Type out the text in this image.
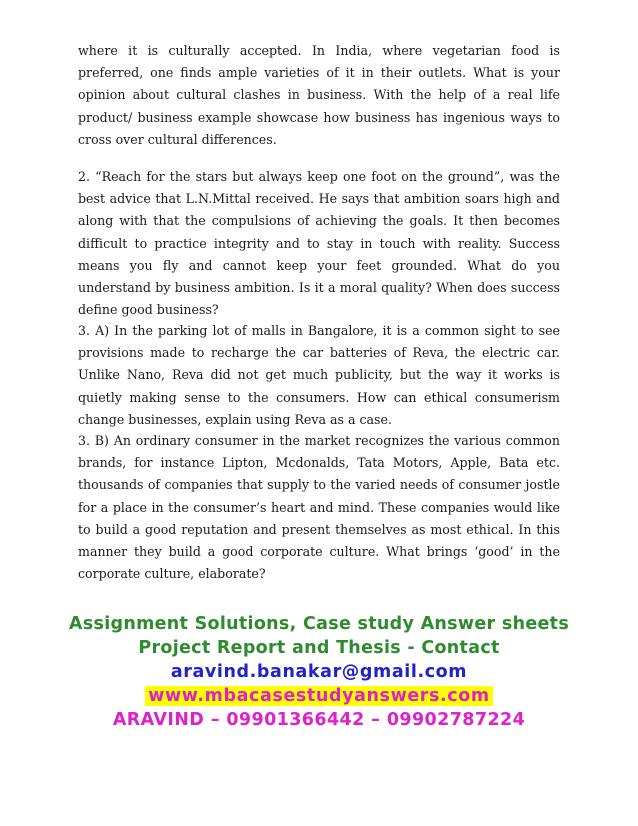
where it is culturally accepted. In India, where vegetarian food is preferred, one finds ample varieties of it in their outlets. What is your opinion about cultural clashes in business. With the help of a real life product/ business example showcase how business has ingenious ways to cross over cultural differences.

2. “Reach for the stars but always keep one foot on the ground”, was the best advice that L.N.Mittal received. He says that ambition soars high and along with that the compulsions of achieving the goals. It then becomes difficult to practice integrity and to stay in touch with reality. Success means you fly and cannot keep your feet grounded. What do you understand by business ambition. Is it a moral quality? When does success define good business?

3. A) In the parking lot of malls in Bangalore, it is a common sight to see provisions made to recharge the car batteries of Reva, the electric car. Unlike Nano, Reva did not get much publicity, but the way it works is quietly making sense to the consumers. How can ethical consumerism change businesses, explain using Reva as a case.

3. B) An ordinary consumer in the market recognizes the various common brands, for instance Lipton, Mcdonalds, Tata Motors, Apple, Bata etc. thousands of companies that supply to the varied needs of consumer jostle for a place in the consumer’s heart and mind. These companies would like to build a good reputation and present themselves as most ethical. In this manner they build a good corporate culture. What brings ‘good’ in the corporate culture, elaborate?

Assignment Solutions, Case study Answer sheets
Project Report and Thesis - Contact
aravind.banakar@gmail.com
www.mbacasestudyanswers.com
ARAVIND – 09901366442 – 09902787224
